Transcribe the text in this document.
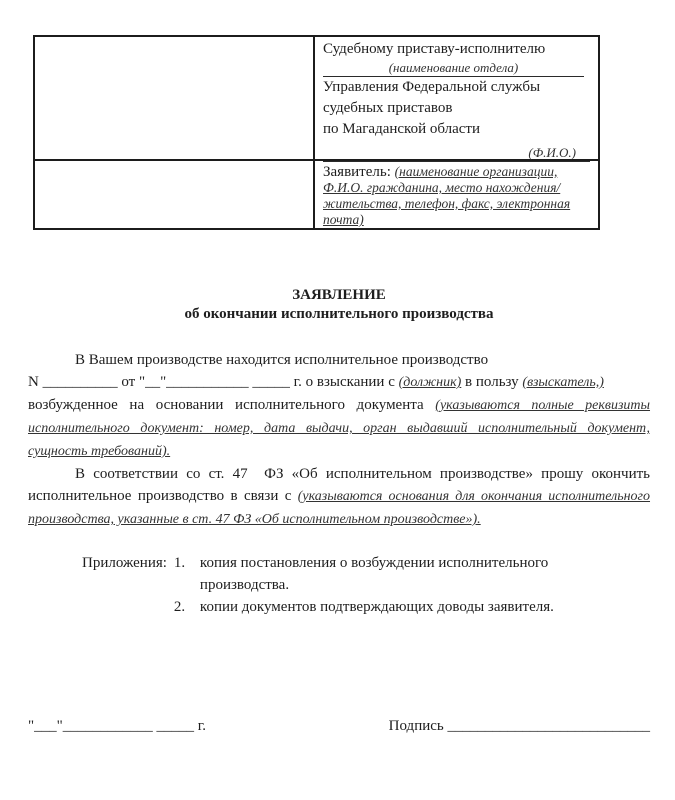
Судебному приставу-исполнителю
(наименование отдела)
Управления Федеральной службы
судебных приставов
по Магаданской области
(Ф.И.О.)
Заявитель: (наименование организации, Ф.И.О. гражданина, место нахождения/жительства, телефон, факс, электронная почта)
ЗАЯВЛЕНИЕ
об окончании исполнительного производства

В Вашем производстве находится исполнительное производство
N __________ от "__"___________ _____ г. о взыскании с (должник) в пользу (взыскатель,)
возбужденное на основании исполнительного документа (указываются полные реквизиты исполнительного документ: номер, дата выдачи, орган выдавший исполнительный документ, сущность требований).

В соответствии со ст. 47  ФЗ «Об исполнительном производстве» прошу окончить исполнительное производство в связи с (указываются основания для окончания исполнительного производства, указанные в ст. 47 ФЗ «Об исполнительном производстве»).

Приложения: 1. копия постановления о возбуждении исполнительного производства.
2. копии документов подтверждающих доводы заявителя.
"___"____________ _____ г.	Подпись ___________________________
